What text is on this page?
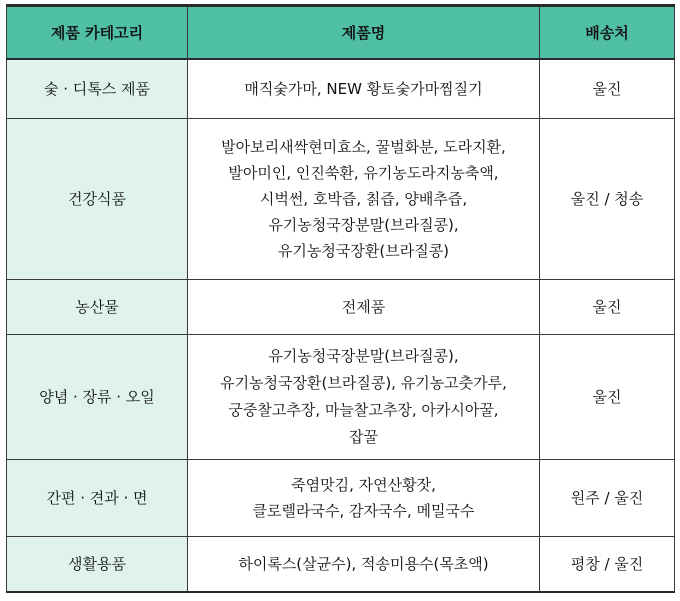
제품 카테고리	제품명	배송처
숯 · 디톡스 제품	매직숯가마, NEW 황토숯가마찜질기	울진
건강식품	발아보리새싹현미효소, 꿀벌화분, 도라지환,
발아미인, 인진쑥환, 유기농도라지농축액,
시벅썬, 호박즙, 칡즙, 양배추즙,
유기농청국장분말(브라질콩),
유기농청국장환(브라질콩)	울진 / 청송
농산물	전제품	울진
양념 · 장류 · 오일	유기농청국장분말(브라질콩),
유기농청국장환(브라질콩), 유기농고춧가루,
궁중찰고추장, 마늘찰고추장, 아카시아꿀,
잡꿀	울진
간편 · 견과 · 면	죽염맛김, 자연산황잣,
클로렐라국수, 감자국수, 메밀국수	원주 / 울진
생활용품	하이록스(살균수), 적송미용수(목초액)	평창 / 울진
